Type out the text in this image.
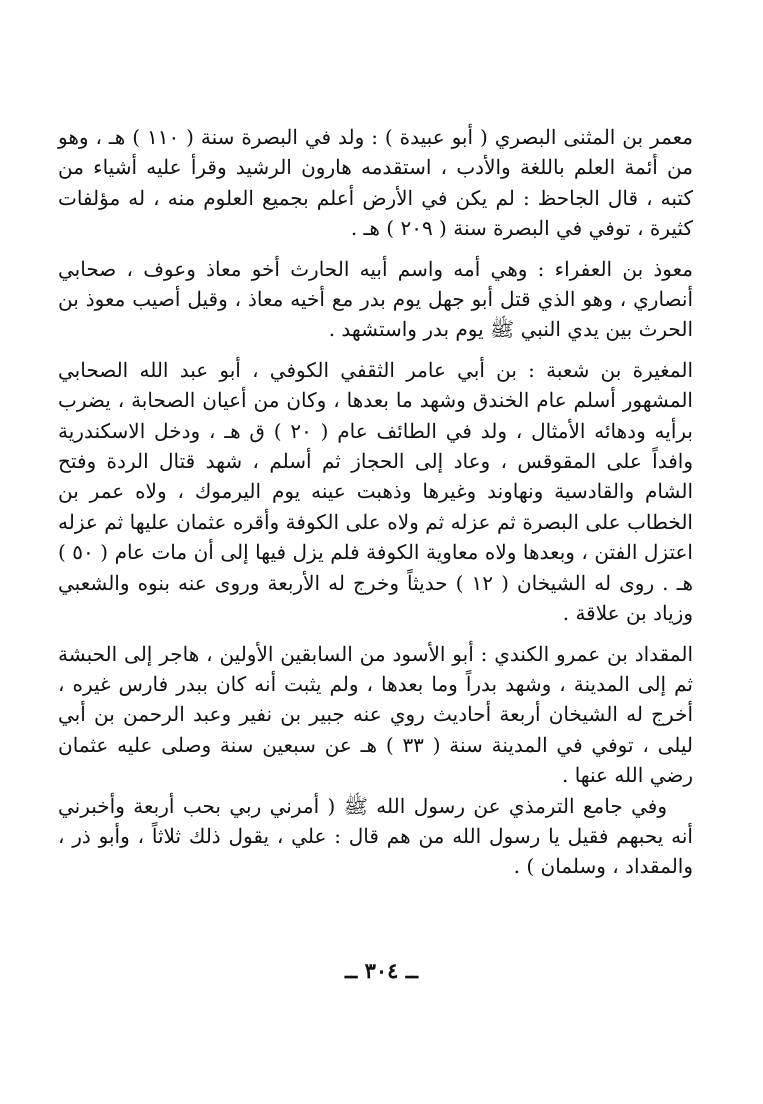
معمر بن المثنى البصري ( أبو عبيدة ) : ولد في البصرة سنة ( ١١٠ ) هـ ، وهو من أئمة العلم باللغة والأدب ، استقدمه هارون الرشيد وقرأ عليه أشياء من كتبه ، قال الجاحظ : لم يكن في الأرض أعلم بجميع العلوم منه ، له مؤلفات كثيرة ، توفي في البصرة سنة ( ٢٠٩ ) هـ .

معوذ بن العفراء : وهي أمه واسم أبيه الحارث أخو معاذ وعوف ، صحابي أنصاري ، وهو الذي قتل أبو جهل يوم بدر مع أخيه معاذ ، وقيل أصيب معوذ بن الحرث بين يدي النبي ﷺ يوم بدر واستشهد .

المغيرة بن شعبة : بن أبي عامر الثقفي الكوفي ، أبو عبد الله الصحابي المشهور أسلم عام الخندق وشهد ما بعدها ، وكان من أعيان الصحابة ، يضرب برأيه ودهائه الأمثال ، ولد في الطائف عام ( ٢٠ ) ق هـ ، ودخل الاسكندرية وافداً على المقوقس ، وعاد إلى الحجاز ثم أسلم ، شهد قتال الردة وفتح الشام والقادسية ونهاوند وغيرها وذهبت عينه يوم اليرموك ، ولاه عمر بن الخطاب على البصرة ثم عزله ثم ولاه على الكوفة وأقره عثمان عليها ثم عزله اعتزل الفتن ، وبعدها ولاه معاوية الكوفة فلم يزل فيها إلى أن مات عام ( ٥٠ ) هـ . روى له الشيخان ( ١٢ ) حديثاً وخرج له الأربعة وروى عنه بنوه والشعبي وزياد بن علاقة .

المقداد بن عمرو الكندي : أبو الأسود من السابقين الأولين ، هاجر إلى الحبشة ثم إلى المدينة ، وشهد بدراً وما بعدها ، ولم يثبت أنه كان ببدر فارس غيره ، أخرج له الشيخان أربعة أحاديث روي عنه جبير بن نفير وعبد الرحمن بن أبي ليلى ، توفي في المدينة سنة ( ٣٣ ) هـ عن سبعين سنة وصلى عليه عثمان رضي الله عنها .

وفي جامع الترمذي عن رسول الله ﷺ ( أمرني ربي بحب أربعة وأخبرني أنه يحبهم فقيل يا رسول الله من هم قال : علي ، يقول ذلك ثلاثاً ، وأبو ذر ، والمقداد ، وسلمان ) .

ــ ٣٠٤ ــ
